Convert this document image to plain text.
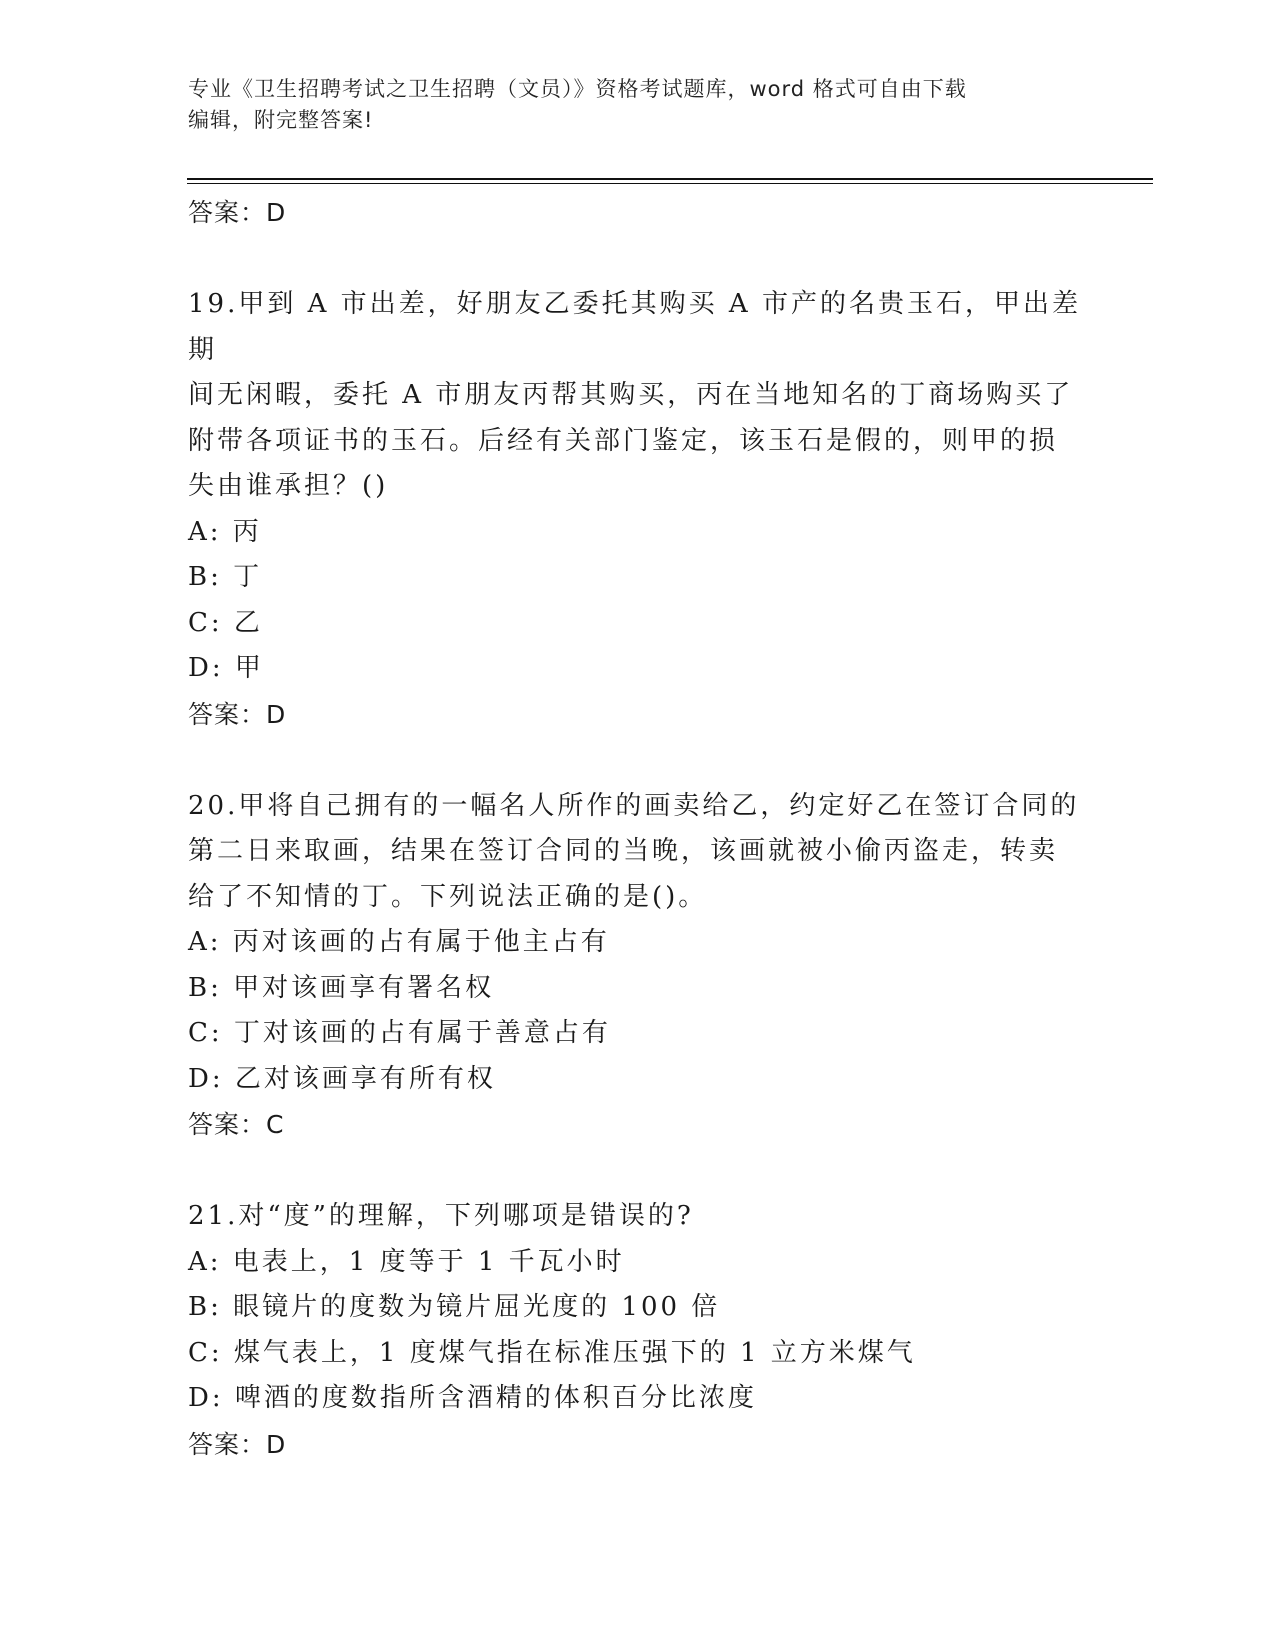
专业《卫生招聘考试之卫生招聘（文员）》资格考试题库，word 格式可自由下载
编辑，附完整答案!
答案：D
19.甲到 A 市出差，好朋友乙委托其购买 A 市产的名贵玉石，甲出差期
间无闲暇，委托 A 市朋友丙帮其购买，丙在当地知名的丁商场购买了
附带各项证书的玉石。后经有关部门鉴定，该玉石是假的，则甲的损
失由谁承担？()
A: 丙
B: 丁
C: 乙
D: 甲
答案：D
20.甲将自己拥有的一幅名人所作的画卖给乙，约定好乙在签订合同的
第二日来取画，结果在签订合同的当晚，该画就被小偷丙盗走，转卖
给了不知情的丁。下列说法正确的是()。
A: 丙对该画的占有属于他主占有
B: 甲对该画享有署名权
C: 丁对该画的占有属于善意占有
D: 乙对该画享有所有权
答案：C
21.对“度”的理解，下列哪项是错误的?
A: 电表上，1 度等于 1 千瓦小时
B: 眼镜片的度数为镜片屈光度的 100 倍
C: 煤气表上，1 度煤气指在标准压强下的 1 立方米煤气
D: 啤酒的度数指所含酒精的体积百分比浓度
答案：D
